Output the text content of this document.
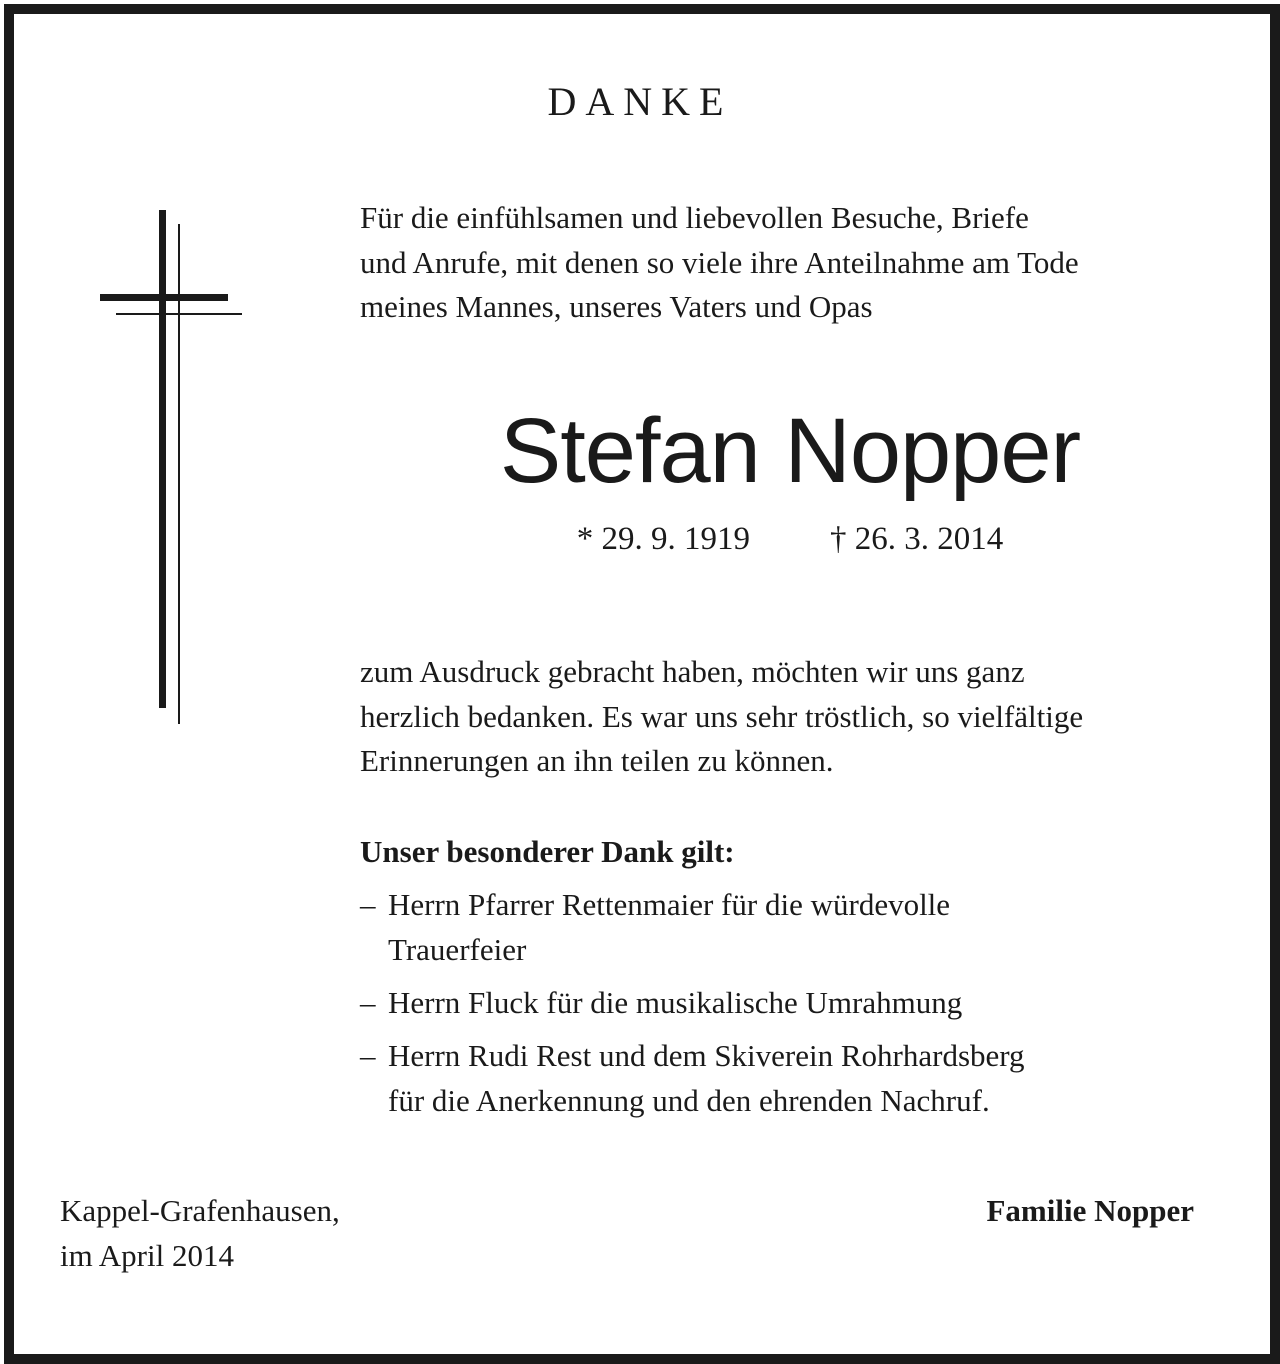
DANKE
Für die einfühlsamen und liebevollen Besuche, Briefe
und Anrufe, mit denen so viele ihre Anteilnahme am Tode
meines Mannes, unseres Vaters und Opas
Stefan Nopper
* 29. 9. 1919 † 26. 3. 2014
zum Ausdruck gebracht haben, möchten wir uns ganz
herzlich bedanken. Es war uns sehr tröstlich, so vielfältige
Erinnerungen an ihn teilen zu können.
Unser besonderer Dank gilt:
– Herrn Pfarrer Rettenmaier für die würdevolle
Trauerfeier
– Herrn Fluck für die musikalische Umrahmung
– Herrn Rudi Rest und dem Skiverein Rohrhardsberg
für die Anerkennung und den ehrenden Nachruf.
Kappel-Grafenhausen,
im April 2014
Familie Nopper
